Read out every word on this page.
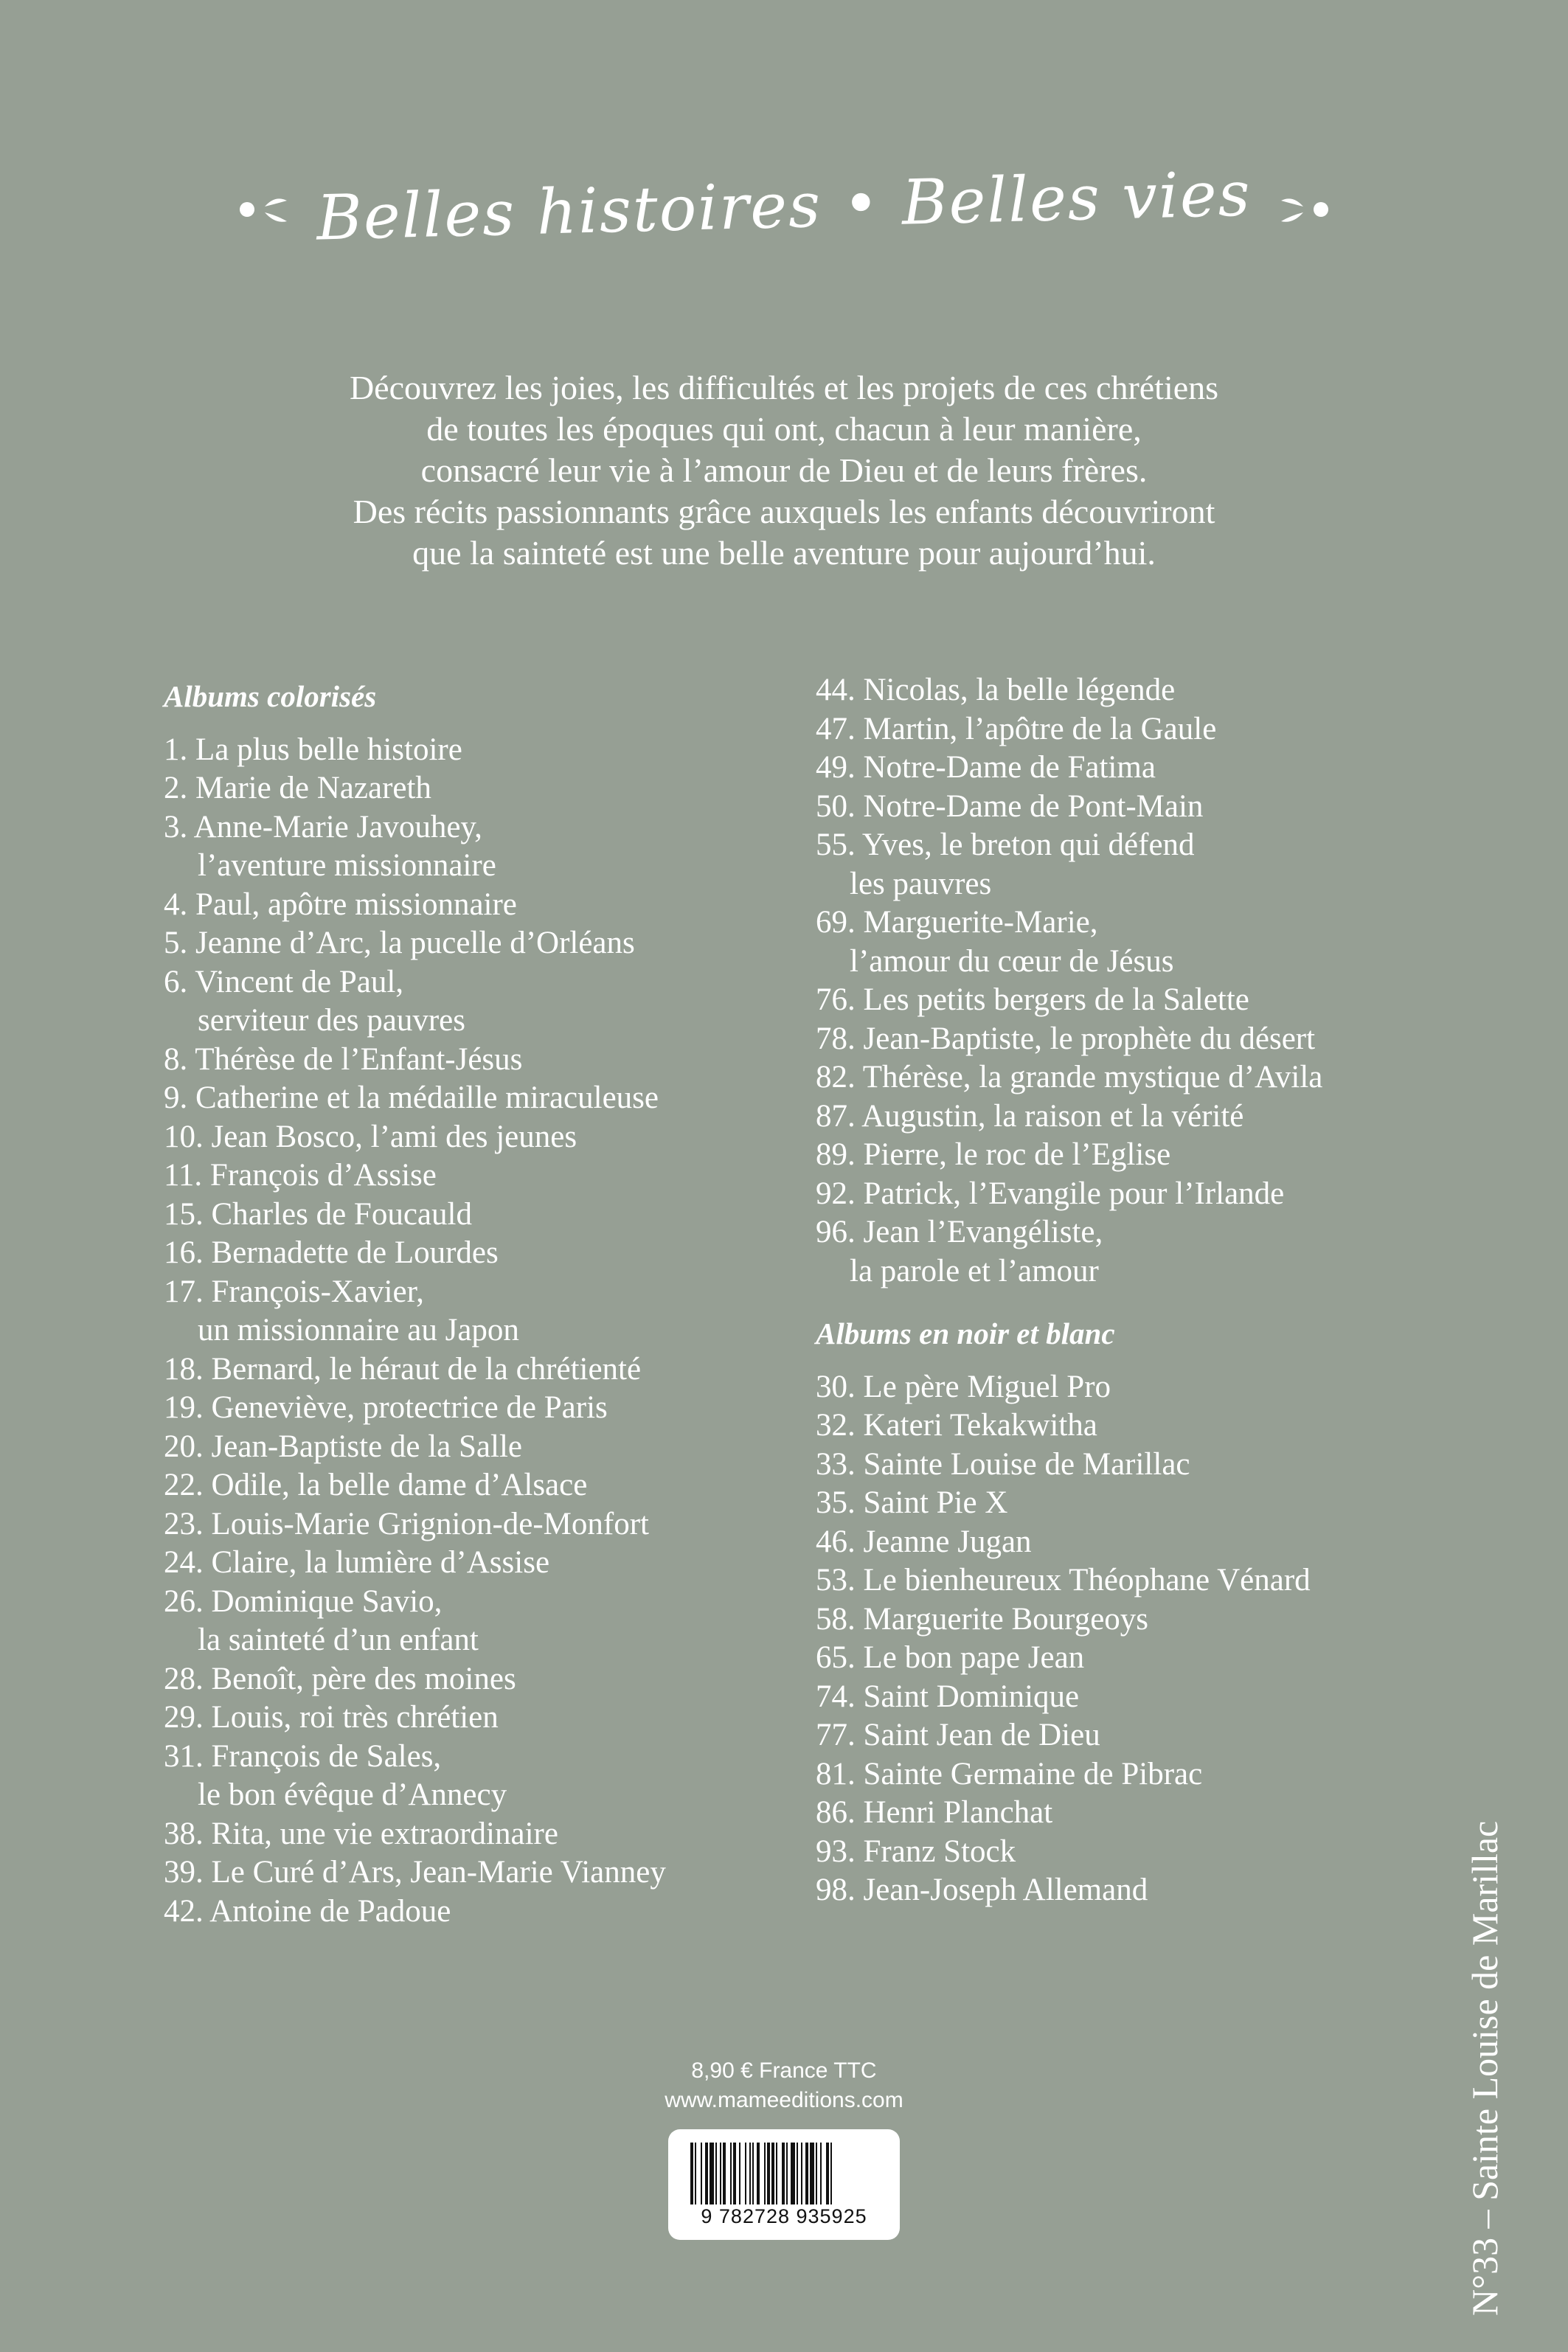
Belles histoires • Belles vies
Découvrez les joies, les difficultés et les projets de ces chrétiens
de toutes les époques qui ont, chacun à leur manière,
consacré leur vie à l’amour de Dieu et de leurs frères.
Des récits passionnants grâce auxquels les enfants découvriront
que la sainteté est une belle aventure pour aujourd’hui.
Albums colorisés
1. La plus belle histoire
2. Marie de Nazareth
3. Anne-Marie Javouhey,
l’aventure missionnaire
4. Paul, apôtre missionnaire
5. Jeanne d’Arc, la pucelle d’Orléans
6. Vincent de Paul,
serviteur des pauvres
8. Thérèse de l’Enfant-Jésus
9. Catherine et la médaille miraculeuse
10. Jean Bosco, l’ami des jeunes
11. François d’Assise
15. Charles de Foucauld
16. Bernadette de Lourdes
17. François-Xavier,
un missionnaire au Japon
18. Bernard, le héraut de la chrétienté
19. Geneviève, protectrice de Paris
20. Jean-Baptiste de la Salle
22. Odile, la belle dame d’Alsace
23. Louis-Marie Grignion-de-Monfort
24. Claire, la lumière d’Assise
26. Dominique Savio,
la sainteté d’un enfant
28. Benoît, père des moines
29. Louis, roi très chrétien
31. François de Sales,
le bon évêque d’Annecy
38. Rita, une vie extraordinaire
39. Le Curé d’Ars, Jean-Marie Vianney
42. Antoine de Padoue
44. Nicolas, la belle légende
47. Martin, l’apôtre de la Gaule
49. Notre-Dame de Fatima
50. Notre-Dame de Pont-Main
55. Yves, le breton qui défend
les pauvres
69. Marguerite-Marie,
l’amour du cœur de Jésus
76. Les petits bergers de la Salette
78. Jean-Baptiste, le prophète du désert
82. Thérèse, la grande mystique d’Avila
87. Augustin, la raison et la vérité
89. Pierre, le roc de l’Eglise
92. Patrick, l’Evangile pour l’Irlande
96. Jean l’Evangéliste,
la parole et l’amour
Albums en noir et blanc
30. Le père Miguel Pro
32. Kateri Tekakwitha
33. Sainte Louise de Marillac
35. Saint Pie X
46. Jeanne Jugan
53. Le bienheureux Théophane Vénard
58. Marguerite Bourgeoys
65. Le bon pape Jean
74. Saint Dominique
77. Saint Jean de Dieu
81. Sainte Germaine de Pibrac
86. Henri Planchat
93. Franz Stock
98. Jean-Joseph Allemand
8,90 € France TTC
www.mameeditions.com
9 782728 935925	N°33 – Sainte Louise de Marillac
